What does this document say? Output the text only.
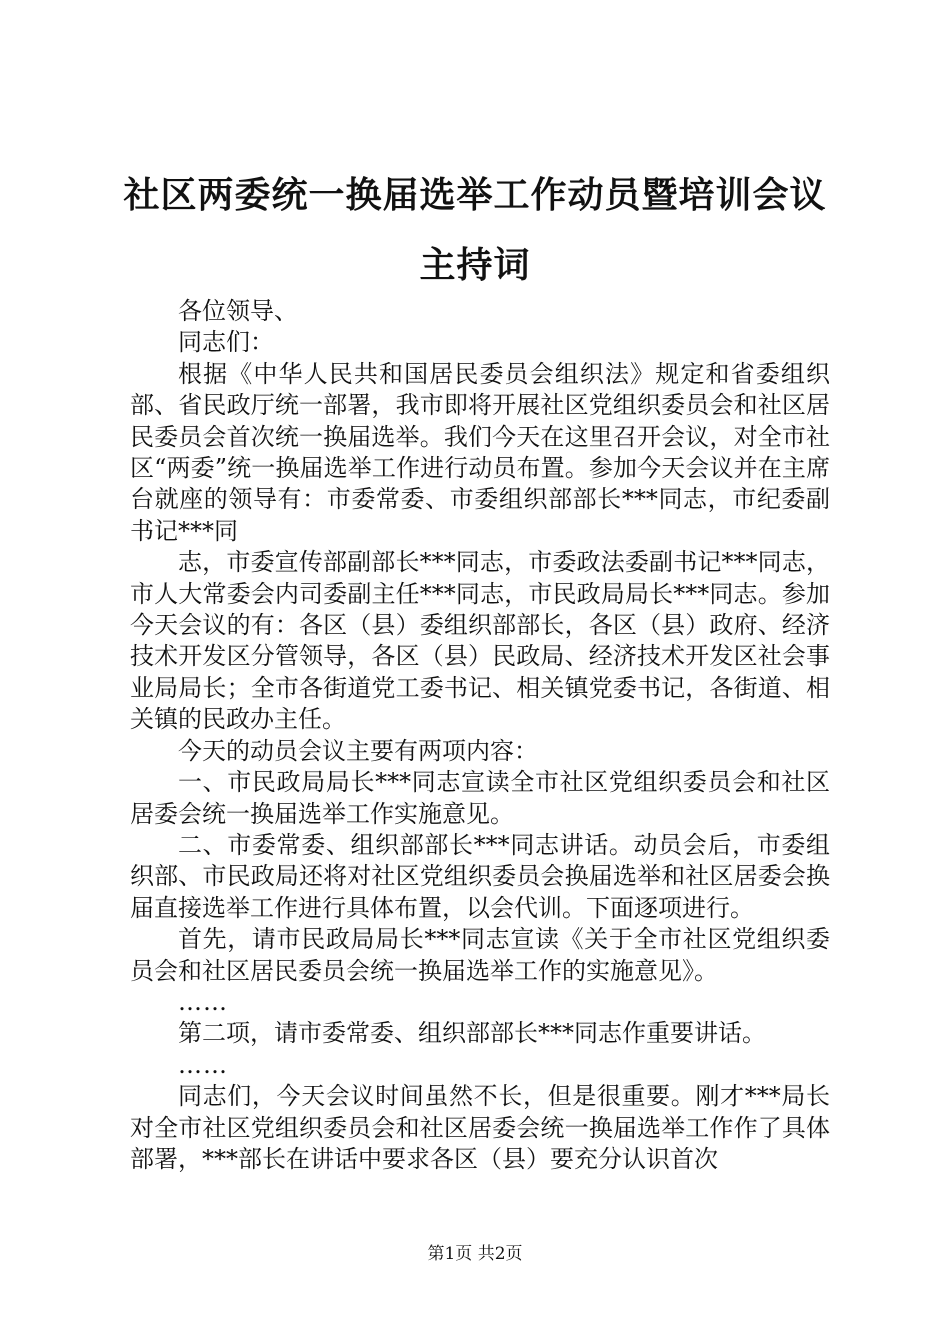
社区两委统一换届选举工作动员暨培训会议主持词

各位领导、

同志们：

根据《中华人民共和国居民委员会组织法》规定和省委组织部、省民政厅统一部署，我市即将开展社区党组织委员会和社区居民委员会首次统一换届选举。我们今天在这里召开会议，对全市社区“两委”统一换届选举工作进行动员布置。参加今天会议并在主席台就座的领导有：市委常委、市委组织部部长***同志，市纪委副书记***同

志，市委宣传部副部长***同志，市委政法委副书记***同志，市人大常委会内司委副主任***同志，市民政局局长***同志。参加今天会议的有：各区（县）委组织部部长，各区（县）政府、经济技术开发区分管领导，各区（县）民政局、经济技术开发区社会事业局局长；全市各街道党工委书记、相关镇党委书记，各街道、相关镇的民政办主任。

今天的动员会议主要有两项内容：

一、市民政局局长***同志宣读全市社区党组织委员会和社区居委会统一换届选举工作实施意见。

二、市委常委、组织部部长***同志讲话。动员会后，市委组织部、市民政局还将对社区党组织委员会换届选举和社区居委会换届直接选举工作进行具体布置，以会代训。下面逐项进行。

首先，请市民政局局长***同志宣读《关于全市社区党组织委员会和社区居民委员会统一换届选举工作的实施意见》。

……

第二项，请市委常委、组织部部长***同志作重要讲话。

……

同志们，今天会议时间虽然不长，但是很重要。刚才***局长对全市社区党组织委员会和社区居委会统一换届选举工作作了具体部署，***部长在讲话中要求各区（县）要充分认识首次

第1页 共2页
